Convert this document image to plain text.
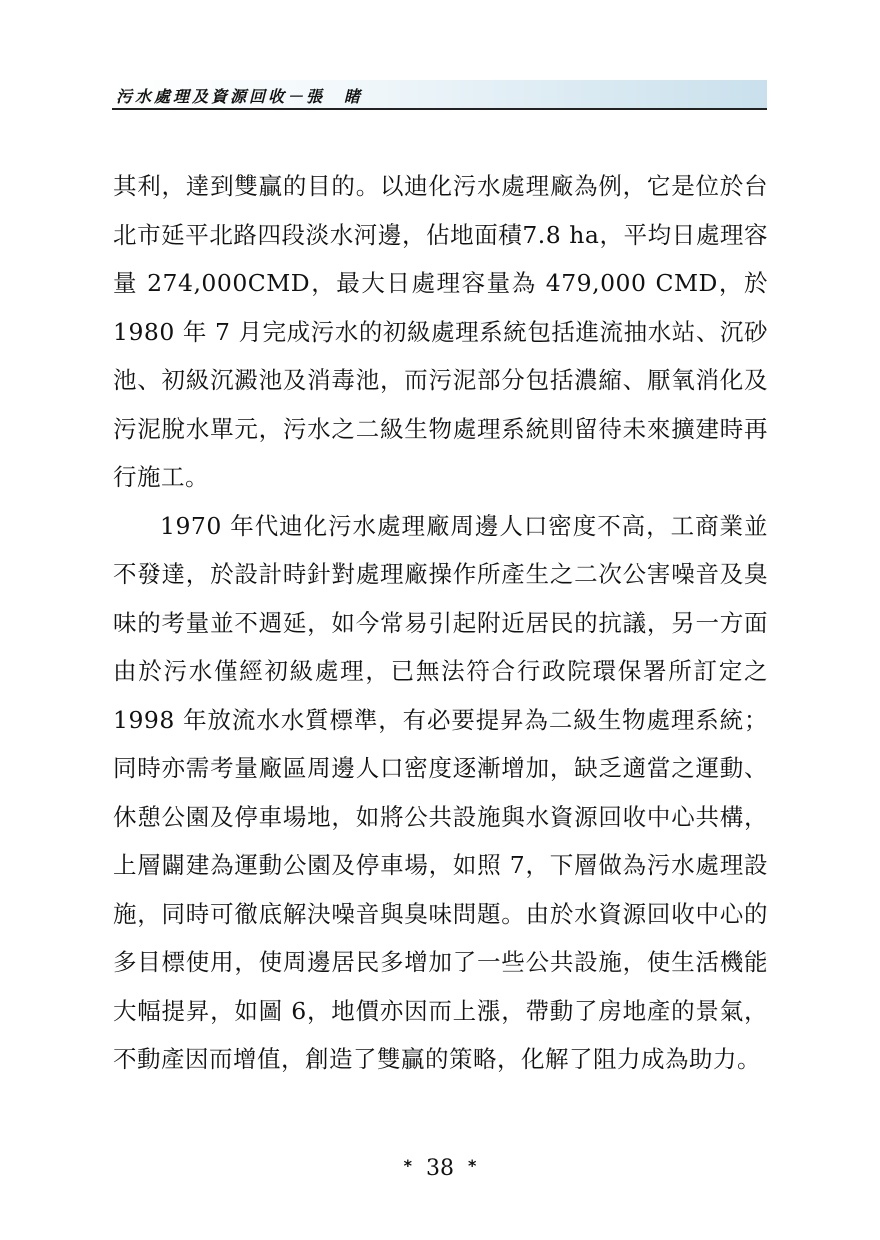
污水處理及資源回收－張　睹

其利，達到雙贏的目的。以迪化污水處理廠為例，它是位於台北市延平北路四段淡水河邊，佔地面積7.8 ha，平均日處理容量 274,000CMD，最大日處理容量為 479,000 CMD，於1980 年 7 月完成污水的初級處理系統包括進流抽水站、沉砂池、初級沉澱池及消毒池，而污泥部分包括濃縮、厭氧消化及污泥脫水單元，污水之二級生物處理系統則留待未來擴建時再行施工。

1970 年代迪化污水處理廠周邊人口密度不高，工商業並不發達，於設計時針對處理廠操作所產生之二次公害噪音及臭味的考量並不週延，如今常易引起附近居民的抗議，另一方面由於污水僅經初級處理，已無法符合行政院環保署所訂定之 1998 年放流水水質標準，有必要提昇為二級生物處理系統；同時亦需考量廠區周邊人口密度逐漸增加，缺乏適當之運動、休憩公園及停車場地，如將公共設施與水資源回收中心共構，上層闢建為運動公園及停車場，如照 7，下層做為污水處理設施，同時可徹底解決噪音與臭味問題。由於水資源回收中心的多目標使用，使周邊居民多增加了一些公共設施，使生活機能大幅提昇，如圖 6，地價亦因而上漲，帶動了房地產的景氣，不動產因而增值，創造了雙贏的策略，化解了阻力成為助力。

* 38 *
